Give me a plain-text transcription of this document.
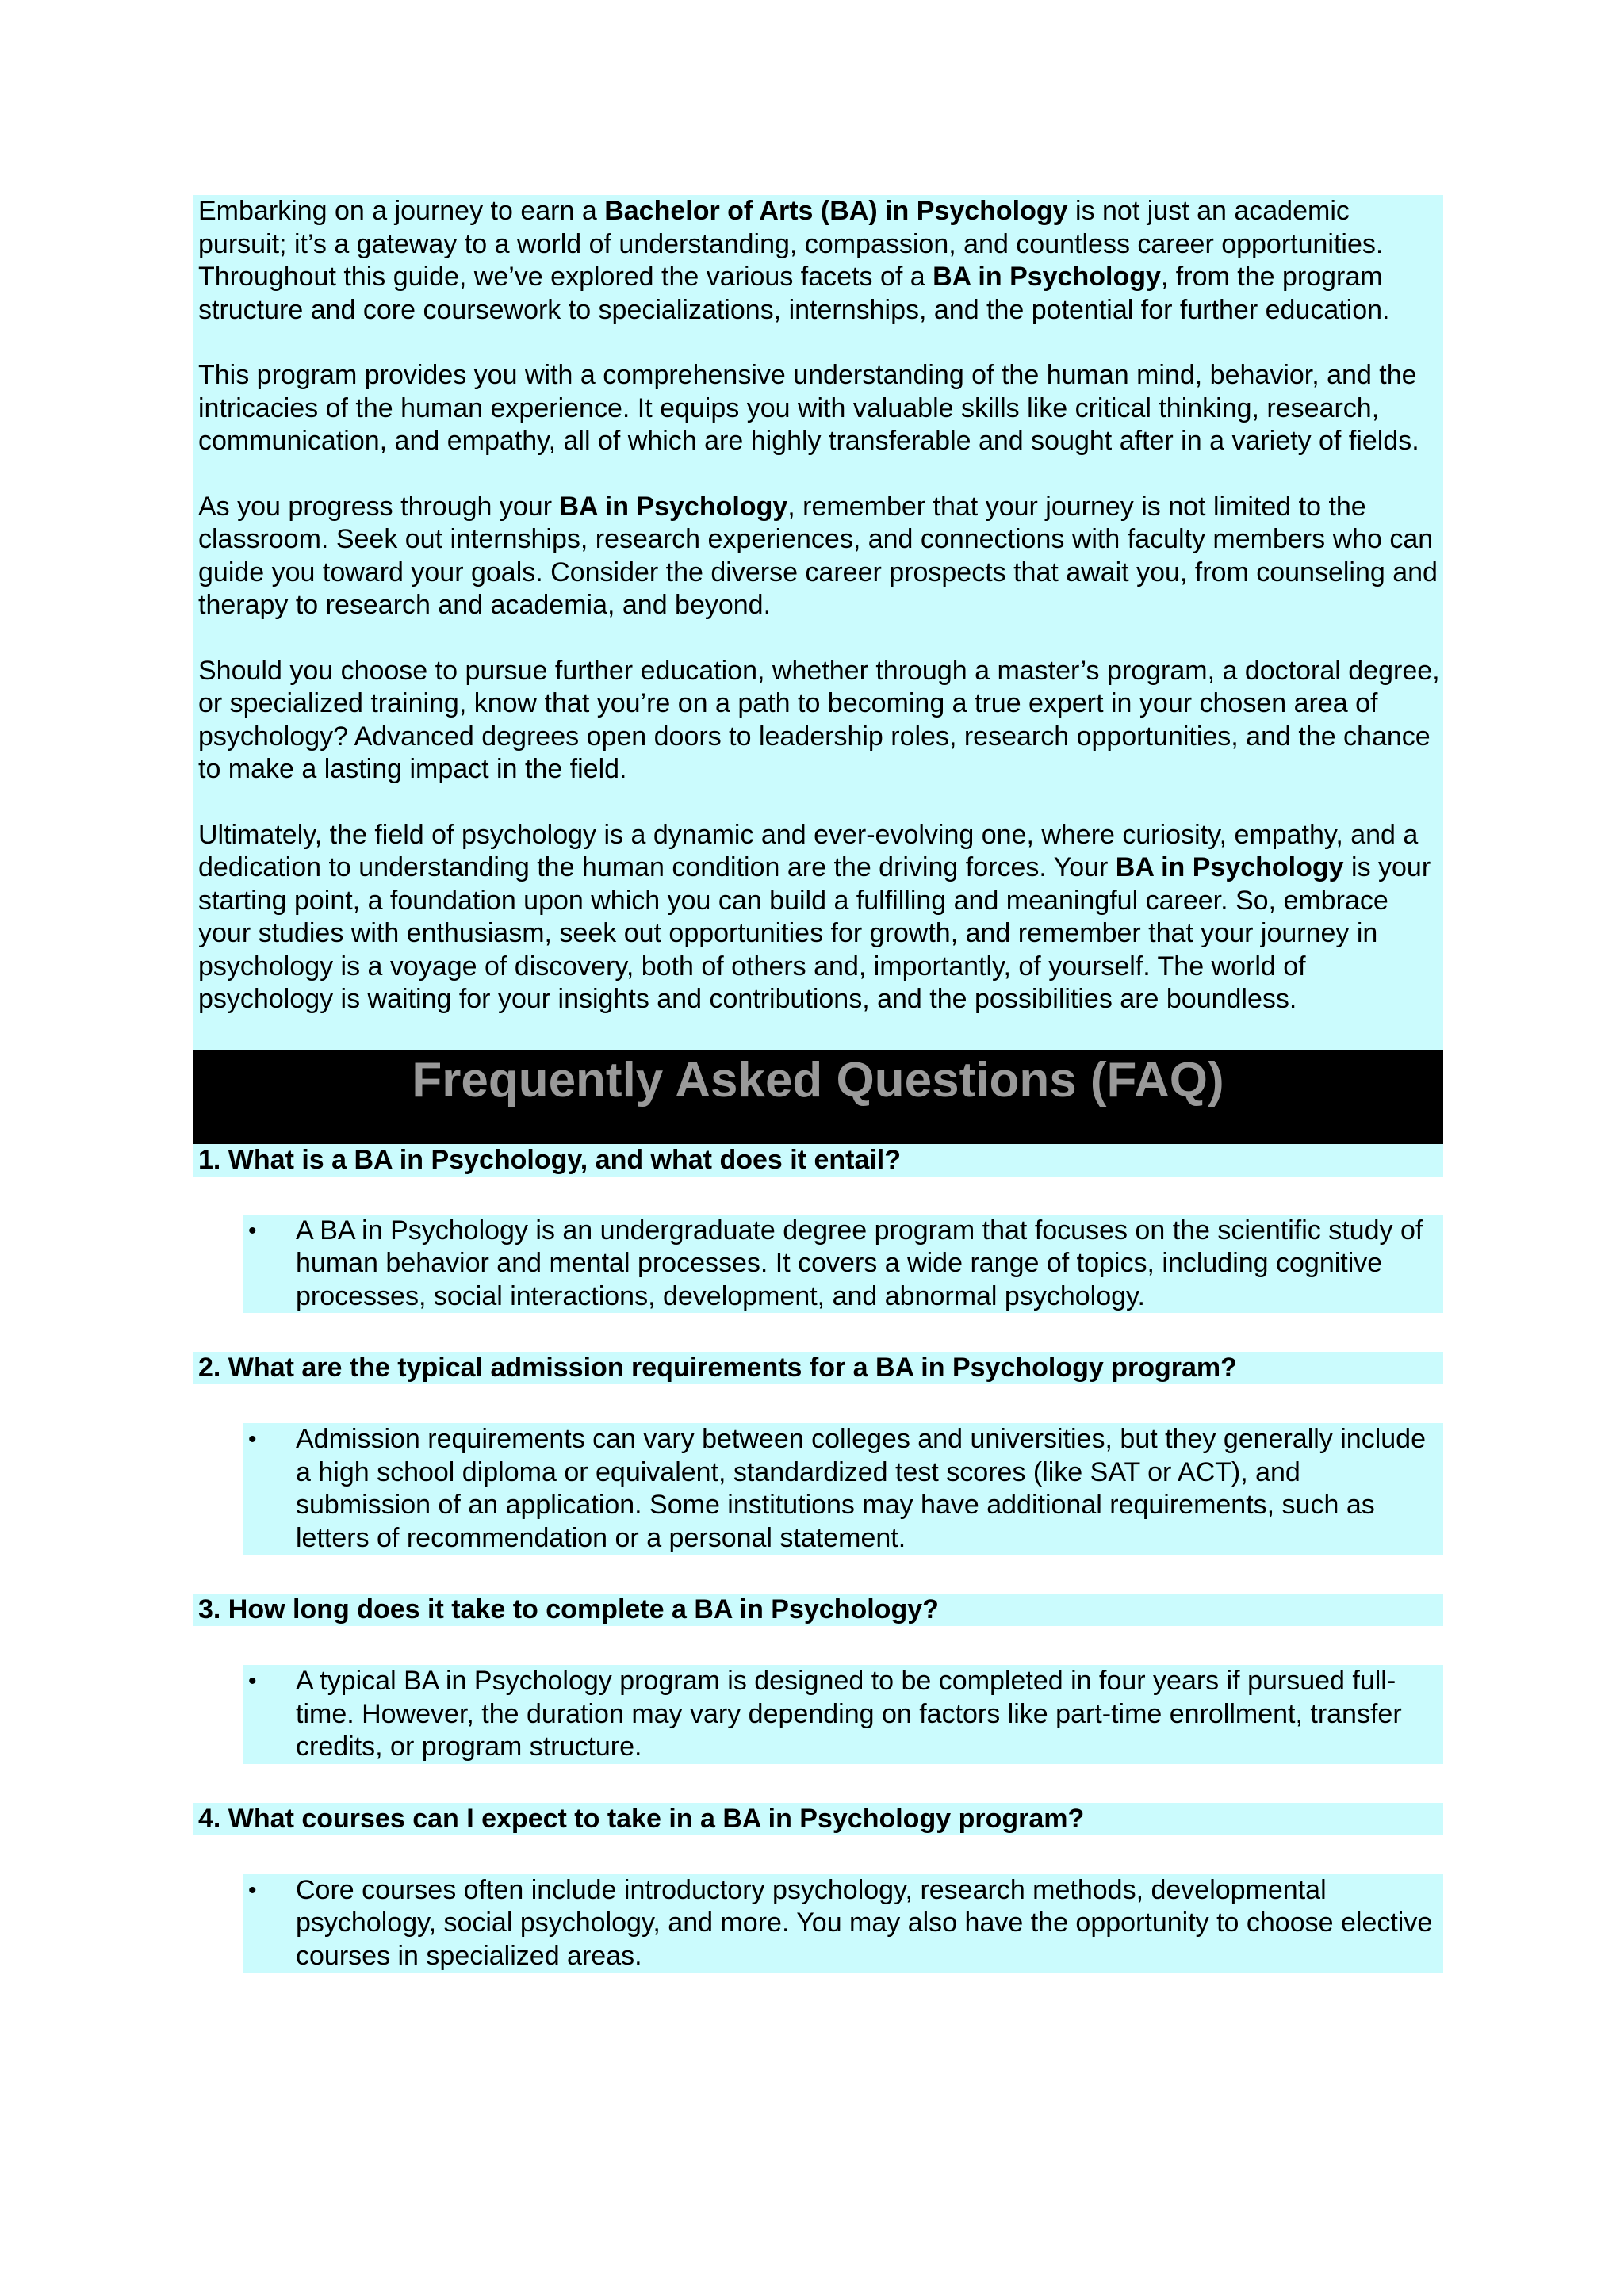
Embarking on a journey to earn a Bachelor of Arts (BA) in Psychology is not just an academic pursuit; it’s a gateway to a world of understanding, compassion, and countless career opportunities. Throughout this guide, we’ve explored the various facets of a BA in Psychology, from the program structure and core coursework to specializations, internships, and the potential for further education.

This program provides you with a comprehensive understanding of the human mind, behavior, and the intricacies of the human experience. It equips you with valuable skills like critical thinking, research, communication, and empathy, all of which are highly transferable and sought after in a variety of fields.

As you progress through your BA in Psychology, remember that your journey is not limited to the classroom. Seek out internships, research experiences, and connections with faculty members who can guide you toward your goals. Consider the diverse career prospects that await you, from counseling and therapy to research and academia, and beyond.

Should you choose to pursue further education, whether through a master’s program, a doctoral degree, or specialized training, know that you’re on a path to becoming a true expert in your chosen area of psychology? Advanced degrees open doors to leadership roles, research opportunities, and the chance to make a lasting impact in the field.

Ultimately, the field of psychology is a dynamic and ever-evolving one, where curiosity, empathy, and a dedication to understanding the human condition are the driving forces. Your BA in Psychology is your starting point, a foundation upon which you can build a fulfilling and meaningful career. So, embrace your studies with enthusiasm, seek out opportunities for growth, and remember that your journey in psychology is a voyage of discovery, both of others and, importantly, of yourself. The world of psychology is waiting for your insights and contributions, and the possibilities are boundless.

Frequently Asked Questions (FAQ)
1. What is a BA in Psychology, and what does it entail?
• A BA in Psychology is an undergraduate degree program that focuses on the scientific study of human behavior and mental processes. It covers a wide range of topics, including cognitive processes, social interactions, development, and abnormal psychology.
2. What are the typical admission requirements for a BA in Psychology program?
• Admission requirements can vary between colleges and universities, but they generally include a high school diploma or equivalent, standardized test scores (like SAT or ACT), and submission of an application. Some institutions may have additional requirements, such as letters of recommendation or a personal statement.
3. How long does it take to complete a BA in Psychology?
• A typical BA in Psychology program is designed to be completed in four years if pursued full-time. However, the duration may vary depending on factors like part-time enrollment, transfer credits, or program structure.
4. What courses can I expect to take in a BA in Psychology program?
• Core courses often include introductory psychology, research methods, developmental psychology, social psychology, and more. You may also have the opportunity to choose elective courses in specialized areas.
